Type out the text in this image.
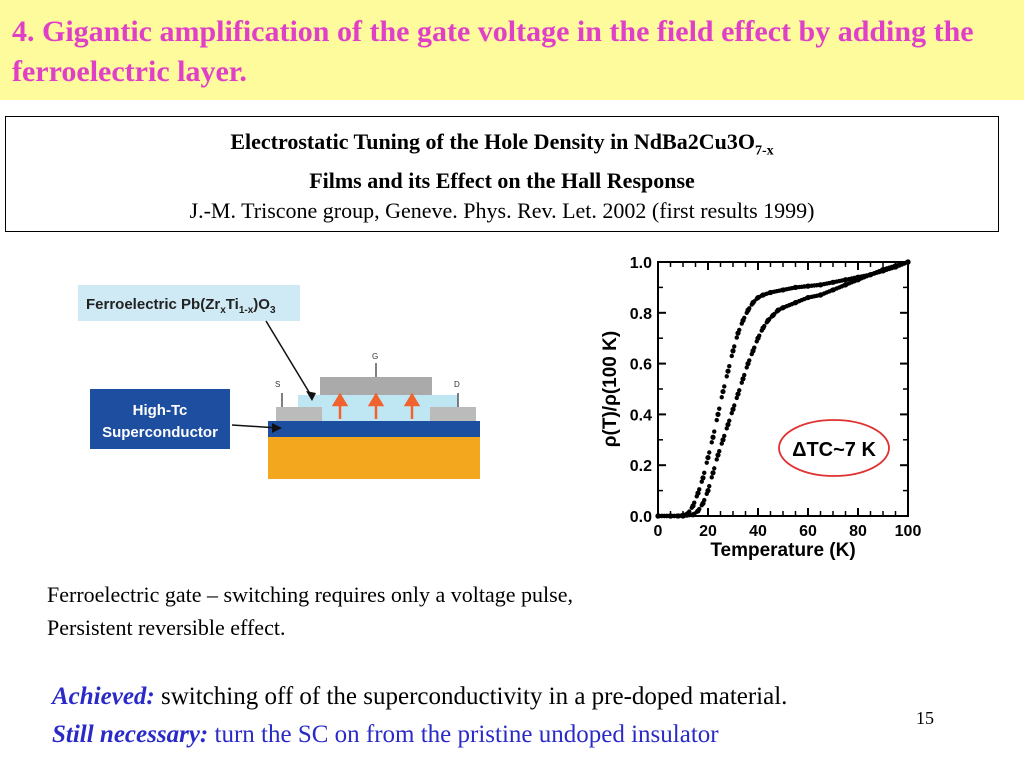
4. Gigantic amplification of the gate voltage in the field effect by adding the ferroelectric layer.
Electrostatic Tuning of the Hole Density in $NdBa2Cu3O_{7-x}$
Films and its Effect on the Hall Response
J.-M. Triscone group, Geneve. Phys. Rev. Let. 2002 (first results 1999)
Ferroelectric $Pb(Zr_xTi_{1-x})O_3$
High-Tc
Superconductor
G
S	D
0.0
0.2
0.4
0.6
0.8
1.0
0 20 40 60 80 100
ΔTC~7 K
Temperature (K)
ρ(T)/ρ(100 K)
Ferroelectric gate – switching requires only a voltage pulse,
Persistent reversible effect.
Achieved: switching off of the superconductivity in a pre-doped material.
Still necessary: turn the SC on from the pristine undoped insulator
15
